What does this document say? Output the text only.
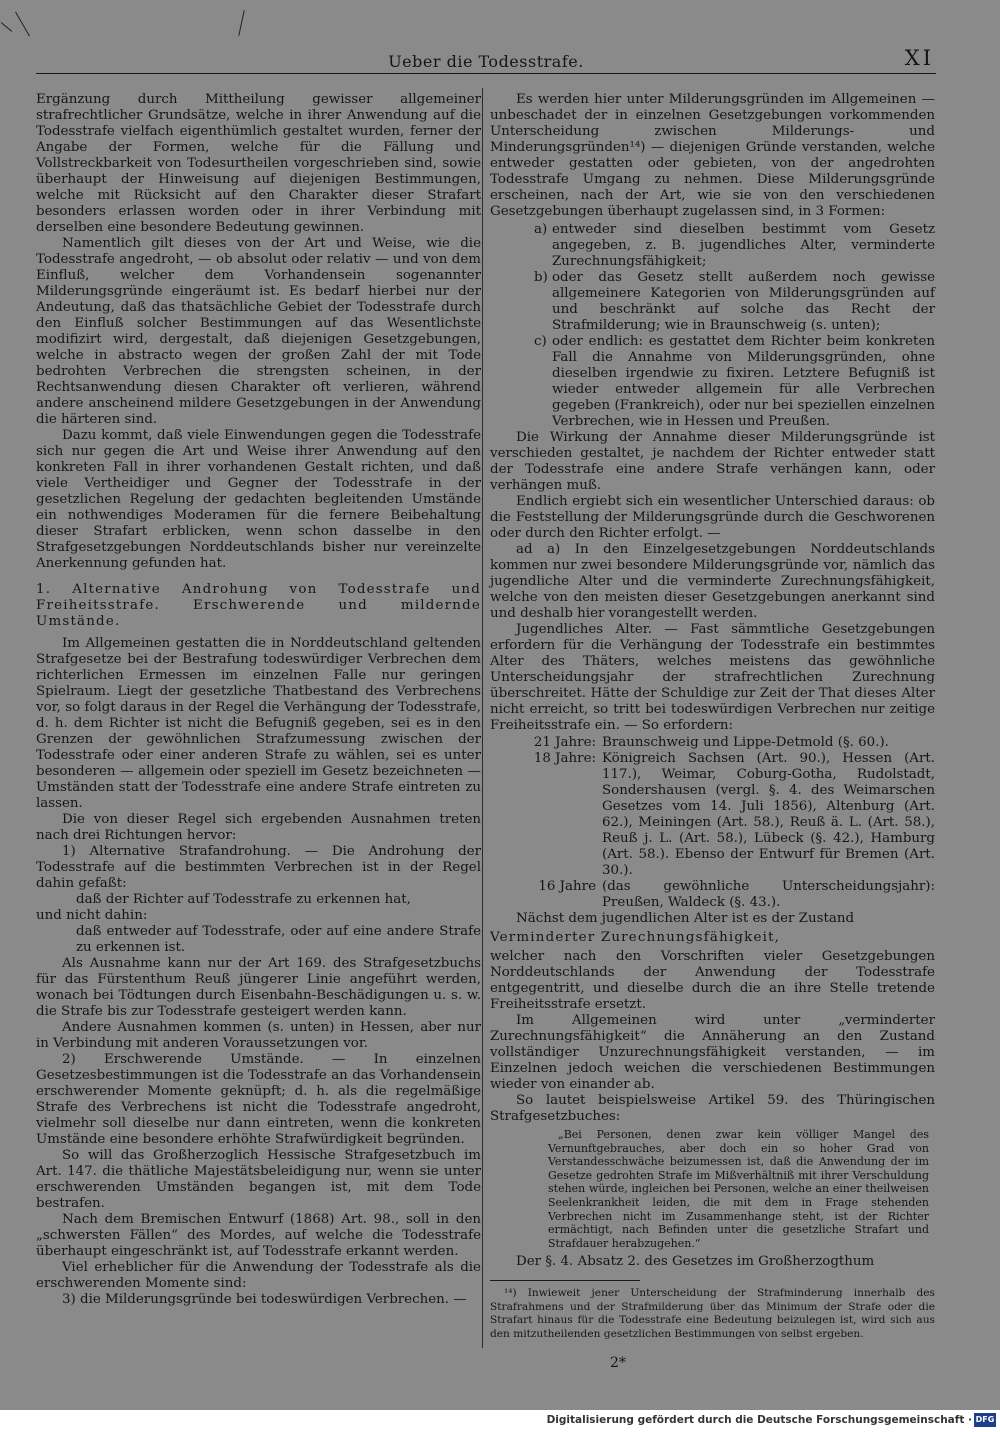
Ueber die Todesstrafe.	XI

Ergänzung durch Mittheilung gewisser allgemeiner strafrechtlicher Grundsätze, welche in ihrer Anwendung auf die Todesstrafe vielfach eigenthümlich gestaltet wurden, ferner der Angabe der Formen, welche für die Fällung und Vollstreckbarkeit von Todesurtheilen vorgeschrieben sind, sowie überhaupt der Hinweisung auf diejenigen Bestimmungen, welche mit Rücksicht auf den Charakter dieser Strafart besonders erlassen worden oder in ihrer Verbindung mit derselben eine besondere Bedeutung gewinnen.

Namentlich gilt dieses von der Art und Weise, wie die Todesstrafe angedroht, — ob absolut oder relativ — und von dem Einfluß, welcher dem Vorhandensein sogenannter Milderungsgründe eingeräumt ist. Es bedarf hierbei nur der Andeutung, daß das thatsächliche Gebiet der Todesstrafe durch den Einfluß solcher Bestimmungen auf das Wesentlichste modifizirt wird, dergestalt, daß diejenigen Gesetzgebungen, welche in abstracto wegen der großen Zahl der mit Tode bedrohten Verbrechen die strengsten scheinen, in der Rechtsanwendung diesen Charakter oft verlieren, während andere anscheinend mildere Gesetzgebungen in der Anwendung die härteren sind.

Dazu kommt, daß viele Einwendungen gegen die Todesstrafe sich nur gegen die Art und Weise ihrer Anwendung auf den konkreten Fall in ihrer vorhandenen Gestalt richten, und daß viele Vertheidiger und Gegner der Todesstrafe in der gesetzlichen Regelung der gedachten begleitenden Umstände ein nothwendiges Moderamen für die fernere Beibehaltung dieser Strafart erblicken, wenn schon dasselbe in den Strafgesetzgebungen Norddeutschlands bisher nur vereinzelte Anerkennung gefunden hat.

1. Alternative Androhung von Todesstrafe und Freiheitsstrafe. Erschwerende und mildernde Umstände.

Im Allgemeinen gestatten die in Norddeutschland geltenden Strafgesetze bei der Bestrafung todeswürdiger Verbrechen dem richterlichen Ermessen im einzelnen Falle nur geringen Spielraum. Liegt der gesetzliche Thatbestand des Verbrechens vor, so folgt daraus in der Regel die Verhängung der Todesstrafe, d. h. dem Richter ist nicht die Befugniß gegeben, sei es in den Grenzen der gewöhnlichen Strafzumessung zwischen der Todesstrafe oder einer anderen Strafe zu wählen, sei es unter besonderen — allgemein oder speziell im Gesetz bezeichneten — Umständen statt der Todesstrafe eine andere Strafe eintreten zu lassen.

Die von dieser Regel sich ergebenden Ausnahmen treten nach drei Richtungen hervor:

1) Alternative Strafandrohung. — Die Androhung der Todesstrafe auf die bestimmten Verbrechen ist in der Regel dahin gefaßt:

daß der Richter auf Todesstrafe zu erkennen hat,

und nicht dahin:

daß entweder auf Todesstrafe, oder auf eine andere Strafe zu erkennen ist.

Als Ausnahme kann nur der Art 169. des Strafgesetzbuchs für das Fürstenthum Reuß jüngerer Linie angeführt werden, wonach bei Tödtungen durch Eisenbahn-Beschädigungen u. s. w. die Strafe bis zur Todesstrafe gesteigert werden kann.

Andere Ausnahmen kommen (s. unten) in Hessen, aber nur in Verbindung mit anderen Voraussetzungen vor.

2) Erschwerende Umstände. — In einzelnen Gesetzesbestimmungen ist die Todesstrafe an das Vorhandensein erschwerender Momente geknüpft; d. h. als die regelmäßige Strafe des Verbrechens ist nicht die Todesstrafe angedroht, vielmehr soll dieselbe nur dann eintreten, wenn die konkreten Umstände eine besondere erhöhte Strafwürdigkeit begründen.

So will das Großherzoglich Hessische Strafgesetzbuch im Art. 147. die thätliche Majestätsbeleidigung nur, wenn sie unter erschwerenden Umständen begangen ist, mit dem Tode bestrafen.

Nach dem Bremischen Entwurf (1868) Art. 98., soll in den „schwersten Fällen“ des Mordes, auf welche die Todesstrafe überhaupt eingeschränkt ist, auf Todesstrafe erkannt werden.

Viel erheblicher für die Anwendung der Todesstrafe als die erschwerenden Momente sind:

3) die Milderungsgründe bei todeswürdigen Verbrechen. —

Es werden hier unter Milderungsgründen im Allgemeinen — unbeschadet der in einzelnen Gesetzgebungen vorkommenden Unterscheidung zwischen Milderungs- und Minderungsgründen¹⁴) — diejenigen Gründe verstanden, welche entweder gestatten oder gebieten, von der angedrohten Todesstrafe Umgang zu nehmen. Diese Milderungsgründe erscheinen, nach der Art, wie sie von den verschiedenen Gesetzgebungen überhaupt zugelassen sind, in 3 Formen:

a) entweder sind dieselben bestimmt vom Gesetz angegeben, z. B. jugendliches Alter, verminderte Zurechnungsfähigkeit;
b) oder das Gesetz stellt außerdem noch gewisse allgemeinere Kategorien von Milderungsgründen auf und beschränkt auf solche das Recht der Strafmilderung; wie in Braunschweig (s. unten);
c) oder endlich: es gestattet dem Richter beim konkreten Fall die Annahme von Milderungsgründen, ohne dieselben irgendwie zu fixiren. Letztere Befugniß ist wieder entweder allgemein für alle Verbrechen gegeben (Frankreich), oder nur bei speziellen einzelnen Verbrechen, wie in Hessen und Preußen.

Die Wirkung der Annahme dieser Milderungsgründe ist verschieden gestaltet, je nachdem der Richter entweder statt der Todesstrafe eine andere Strafe verhängen kann, oder verhängen muß.

Endlich ergiebt sich ein wesentlicher Unterschied daraus: ob die Feststellung der Milderungsgründe durch die Geschworenen oder durch den Richter erfolgt. —

ad a) In den Einzelgesetzgebungen Norddeutschlands kommen nur zwei besondere Milderungsgründe vor, nämlich das jugendliche Alter und die verminderte Zurechnungsfähigkeit, welche von den meisten dieser Gesetzgebungen anerkannt sind und deshalb hier vorangestellt werden.

Jugendliches Alter. — Fast sämmtliche Gesetzgebungen erfordern für die Verhängung der Todesstrafe ein bestimmtes Alter des Thäters, welches meistens das gewöhnliche Unterscheidungsjahr der strafrechtlichen Zurechnung überschreitet. Hätte der Schuldige zur Zeit der That dieses Alter nicht erreicht, so tritt bei todeswürdigen Verbrechen nur zeitige Freiheitsstrafe ein. — So erfordern:

21 Jahre: Braunschweig und Lippe-Detmold (§. 60.).
18 Jahre: Königreich Sachsen (Art. 90.), Hessen (Art. 117.), Weimar, Coburg-Gotha, Rudolstadt, Sondershausen (vergl. §. 4. des Weimarschen Gesetzes vom 14. Juli 1856), Altenburg (Art. 62.), Meiningen (Art. 58.), Reuß ä. L. (Art. 58.), Reuß j. L. (Art. 58.), Lübeck (§. 42.), Hamburg (Art. 58.). Ebenso der Entwurf für Bremen (Art. 30.).
16 Jahre (das gewöhnliche Unterscheidungsjahr): Preußen, Waldeck (§. 43.).

Nächst dem jugendlichen Alter ist es der Zustand

Verminderter Zurechnungsfähigkeit,

welcher nach den Vorschriften vieler Gesetzgebungen Norddeutschlands der Anwendung der Todesstrafe entgegentritt, und dieselbe durch die an ihre Stelle tretende Freiheitsstrafe ersetzt.

Im Allgemeinen wird unter „verminderter Zurechnungsfähigkeit“ die Annäherung an den Zustand vollständiger Unzurechnungsfähigkeit verstanden, — im Einzelnen jedoch weichen die verschiedenen Bestimmungen wieder von einander ab.

So lautet beispielsweise Artikel 59. des Thüringischen Strafgesetzbuches:

„Bei Personen, denen zwar kein völliger Mangel des Vernunftgebrauches, aber doch ein so hoher Grad von Verstandesschwäche beizumessen ist, daß die Anwendung der im Gesetze gedrohten Strafe im Mißverhältniß mit ihrer Verschuldung stehen würde, ingleichen bei Personen, welche an einer theilweisen Seelenkrankheit leiden, die mit dem in Frage stehenden Verbrechen nicht im Zusammenhange steht, ist der Richter ermächtigt, nach Befinden unter die gesetzliche Strafart und Strafdauer herabzugehen.“

Der §. 4. Absatz 2. des Gesetzes im Großherzogthum

¹⁴) Inwieweit jener Unterscheidung der Strafminderung innerhalb des Strafrahmens und der Strafmilderung über das Minimum der Strafe oder die Strafart hinaus für die Todesstrafe eine Bedeutung beizulegen ist, wird sich aus den mitzutheilenden gesetzlichen Bestimmungen von selbst ergeben.

2*

Digitalisierung gefördert durch die Deutsche Forschungsgemeinschaft · DFG
